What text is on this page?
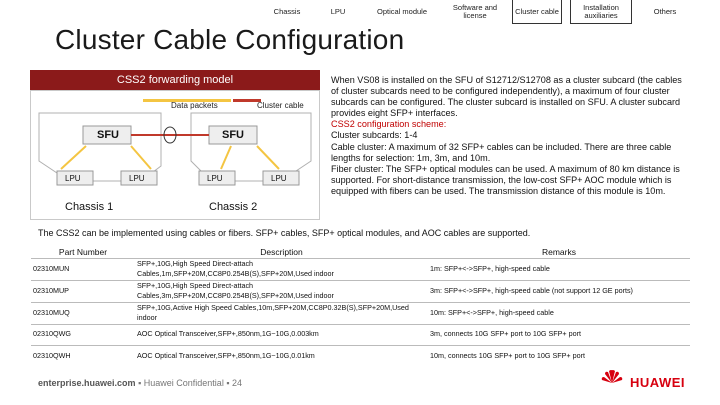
Chassis	LPU	Optical module	Software and license	Cluster cable	Installation auxiliaries	Others
Cluster Cable Configuration
CSS2 forwarding model
Data packets	Cluster cable
SFU	SFU
LPU	LPU	LPU	LPU
Chassis 1	Chassis 2

When VS08 is installed on the SFU of S12712/S12708 as a cluster subcard (the cables of cluster subcards need to be configured independently), a maximum of four cluster subcards can be configured. The cluster subcard is installed on SFU. A cluster subcard provides eight SFP+ interfaces.

CSS2 configuration scheme:

Cluster subcards: 1-4

Cable cluster: A maximum of 32 SFP+ cables can be included. There are three cable lengths for selection: 1m, 3m, and 10m.

Fiber cluster: The SFP+ optical modules can be used. A maximum of 80 km distance is supported. For short-distance transmission, the low-cost SFP+ AOC module which is equipped with fibers can be used. The transmission distance of this module is 10m.

The CSS2 can be implemented using cables or fibers. SFP+ cables, SFP+ optical modules, and AOC cables are supported.
Part Number	Description	Remarks
02310MUN	SFP+,10G,High Speed Direct-attach Cables,1m,SFP+20M,CC8P0.254B(S),SFP+20M,Used indoor	1m: SFP+<->SFP+, high-speed cable
02310MUP	SFP+,10G,High Speed Direct-attach Cables,3m,SFP+20M,CC8P0.254B(S),SFP+20M,Used indoor	3m: SFP+<->SFP+, high-speed cable (not support 12 GE ports)
02310MUQ	SFP+,10G,Active High Speed Cables,10m,SFP+20M,CC8P0.32B(S),SFP+20M,Used indoor	10m: SFP+<->SFP+, high-speed cable
02310QWG	AOC Optical Transceiver,SFP+,850nm,1G~10G,0.003km	3m, connects 10G SFP+ port to 10G SFP+ port
02310QWH	AOC Optical Transceiver,SFP+,850nm,1G~10G,0.01km	10m, connects 10G SFP+ port to 10G SFP+ port
enterprise.huawei.com ▪ Huawei Confidential ▪ 24	HUAWEI
